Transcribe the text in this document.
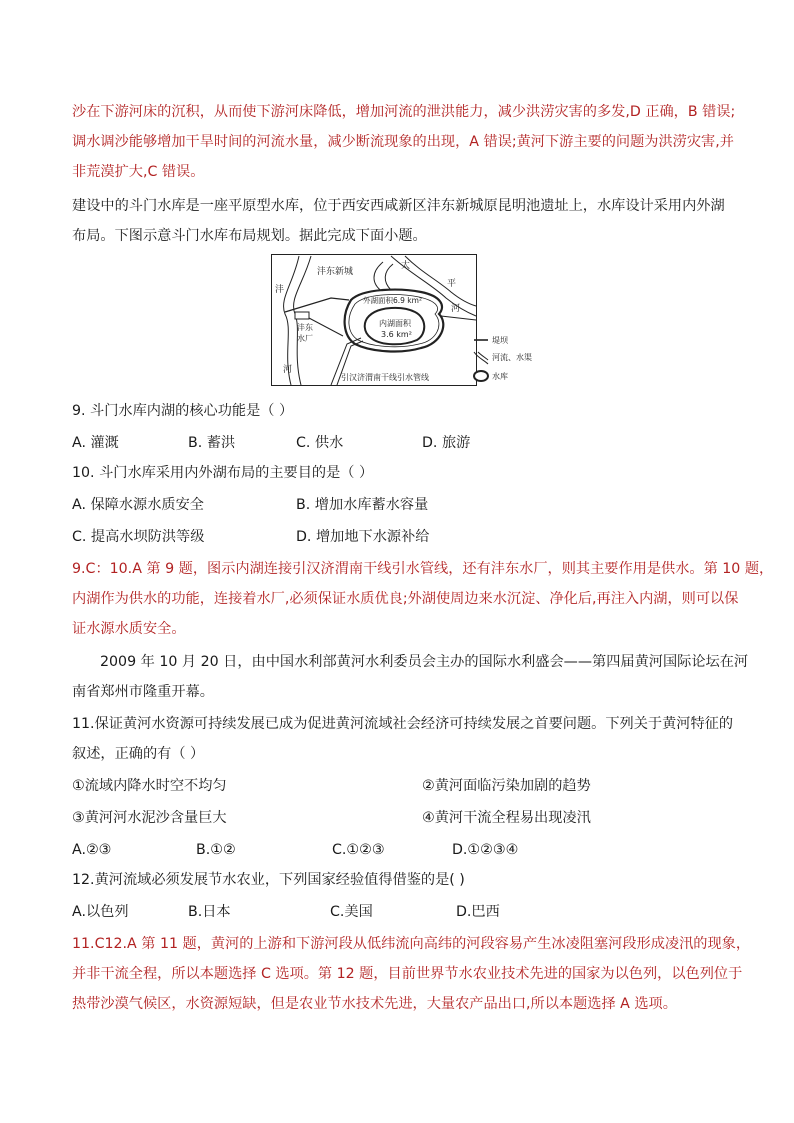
沙在下游河床的沉积，从而使下游河床降低，增加河流的泄洪能力，减少洪涝灾害的多发,D 正确，B 错误;
调水调沙能够增加干旱时间的河流水量，减少断流现象的出现，A 错误;黄河下游主要的问题为洪涝灾害,并
非荒漠扩大,C 错误。
建设中的斗门水库是一座平原型水库，位于西安西咸新区沣东新城原昆明池遗址上，水库设计采用内外湖
布局。下图示意斗门水库布局规划。据此完成下面小题。
沣东新城
太
平
河
沣
河
外湖面积6.9 km²
内湖面积
3.6 km²
沣东
水厂
引汉济渭南干线引水管线
堤坝
河流、水渠
水库
9. 斗门水库内湖的核心功能是（ ）
A. 灌溉	B. 蓄洪	C. 供水	D. 旅游
10. 斗门水库采用内外湖布局的主要目的是（ ）
A. 保障水源水质安全	B. 增加水库蓄水容量
C. 提高水坝防洪等级	D. 增加地下水源补给
9.C：10.A 第 9 题，图示内湖连接引汉济渭南干线引水管线，还有沣东水厂，则其主要作用是供水。第 10 题，
内湖作为供水的功能，连接着水厂,必须保证水质优良;外湖使周边来水沉淀、净化后,再注入内湖，则可以保
证水源水质安全。
2009 年 10 月 20 日，由中国水利部黄河水利委员会主办的国际水利盛会——第四届黄河国际论坛在河
南省郑州市隆重开幕。
11.保证黄河水资源可持续发展已成为促进黄河流域社会经济可持续发展之首要问题。下列关于黄河特征的
叙述，正确的有（ ）
①流域内降水时空不均匀	②黄河面临污染加剧的趋势
③黄河河水泥沙含量巨大	④黄河干流全程易出现凌汛
A.②③	B.①②	C.①②③	D.①②③④
12.黄河流域必须发展节水农业，下列国家经验值得借鉴的是( )
A.以色列	B.日本	C.美国	D.巴西
11.C12.A 第 11 题，黄河的上游和下游河段从低纬流向高纬的河段容易产生冰凌阻塞河段形成凌汛的现象，
并非干流全程，所以本题选择 C 选项。第 12 题，目前世界节水农业技术先进的国家为以色列，以色列位于
热带沙漠气候区，水资源短缺，但是农业节水技术先进，大量农产品出口,所以本题选择 A 选项。
